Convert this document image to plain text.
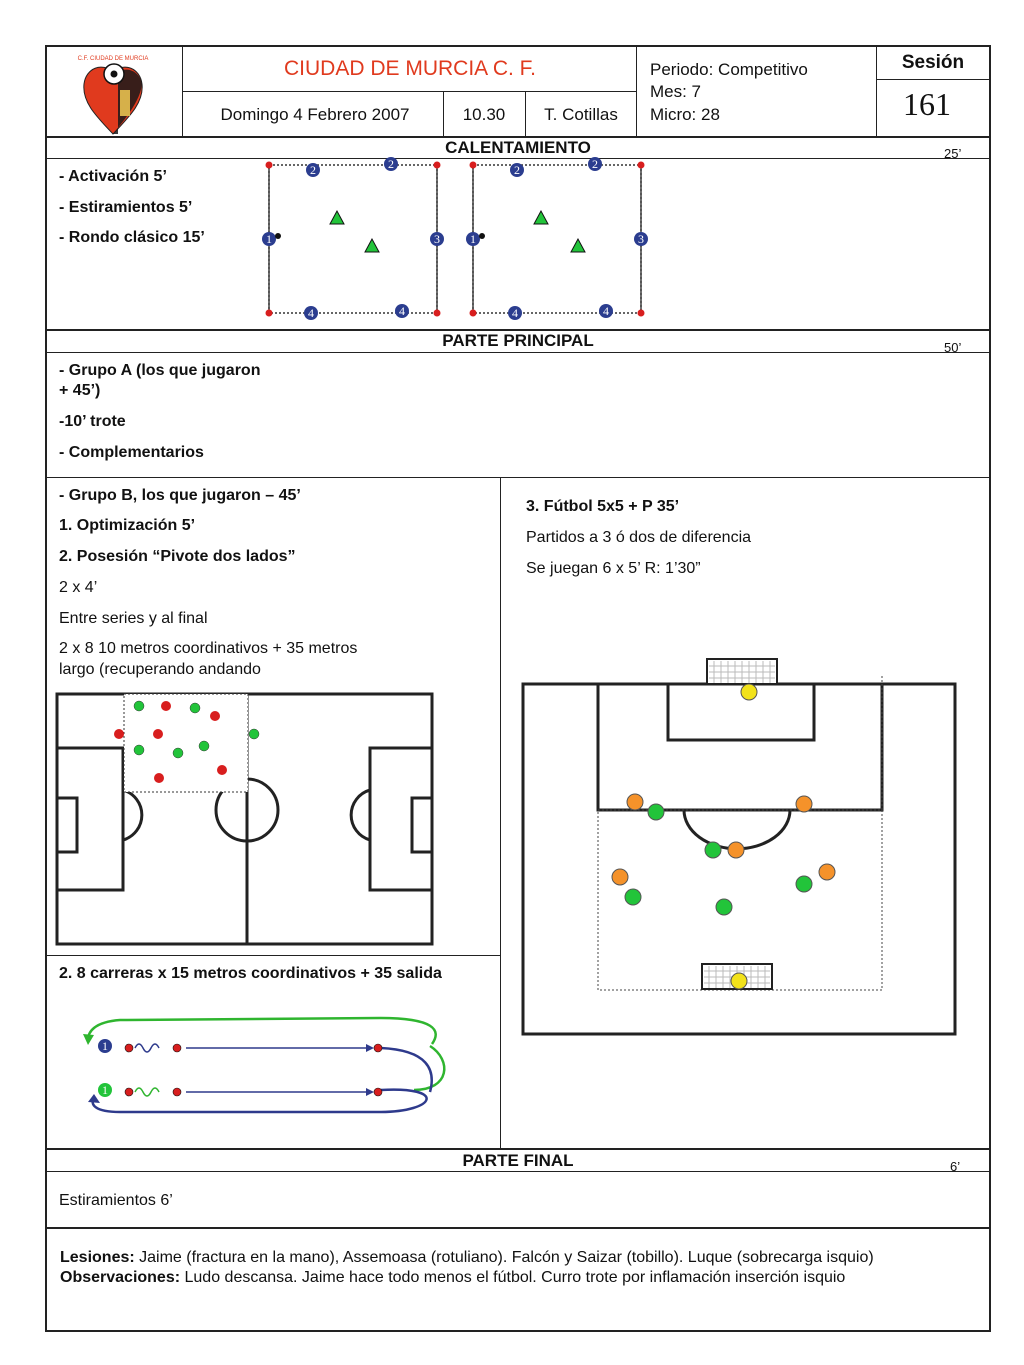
C.F. CIUDAD DE MURCIA	CIUDAD DE MURCIA C. F.
Domingo 4 Febrero 2007	10.30	T. Cotillas
Periodo: Competitivo
Mes: 7
Micro: 28
Sesión
161
CALENTAMIENTO	25’
- Activación 5’
- Estiramientos 5’
- Rondo clásico 15’
2	2
1	3
4	4
2	2
1	3
4	4
PARTE PRINCIPAL	50’
- Grupo A (los que jugaron
+ 45’)
-10’ trote
- Complementarios
- Grupo B, los que jugaron – 45’
1. Optimización 5’
2. Posesión “Pivote dos lados”
2 x 4’
Entre series y al final
2 x 8 10 metros coordinativos + 35 metros
largo (recuperando andando
2. 8 carreras x 15 metros coordinativos + 35 salida
1
1
3. Fútbol 5x5 + P 35’
Partidos a 3 ó dos de diferencia
Se juegan 6 x 5’ R: 1’30”
PARTE FINAL	6’
Estiramientos 6’
Lesiones: Jaime (fractura en la mano), Assemoasa (rotuliano). Falcón y Saizar (tobillo). Luque (sobrecarga isquio)
Observaciones: Ludo descansa. Jaime hace todo menos el fútbol. Curro trote por inflamación inserción isquio
